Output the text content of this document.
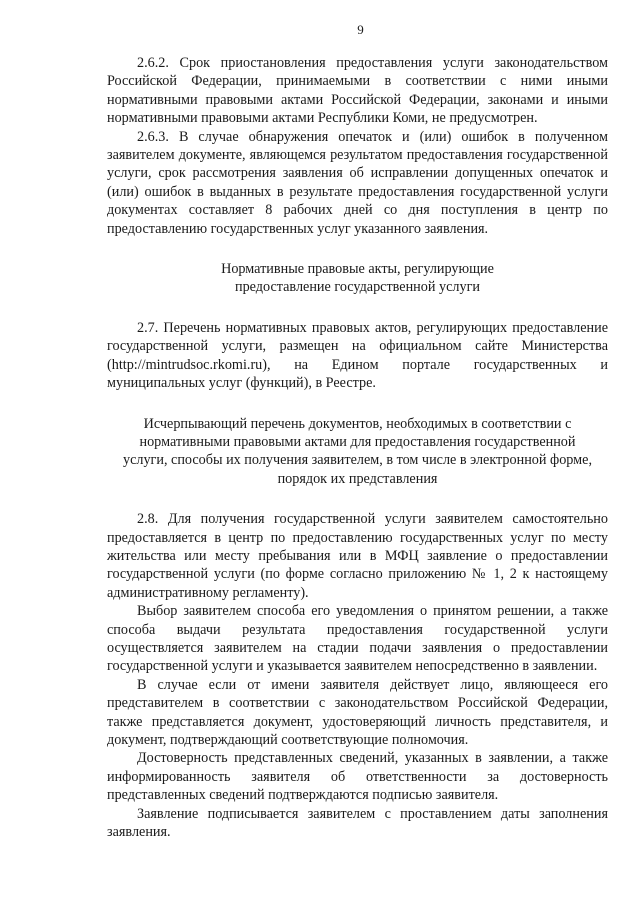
9

2.6.2. Срок приостановления предоставления услуги законодательством Российской Федерации, принимаемыми в соответствии с ними иными нормативными правовыми актами Российской Федерации, законами и иными нормативными правовыми актами Республики Коми, не предусмотрен.

2.6.3. В случае обнаружения опечаток и (или) ошибок в полученном заявителем документе, являющемся результатом предоставления государственной услуги, срок рассмотрения заявления об исправлении допущенных опечаток и (или) ошибок в выданных в результате предоставления государственной услуги документах составляет 8 рабочих дней со дня поступления в центр по предоставлению государственных услуг указанного заявления.

Нормативные правовые акты, регулирующие
предоставление государственной услуги

2.7. Перечень нормативных правовых актов, регулирующих предоставление государственной услуги, размещен на официальном сайте Министерства (http://mintrudsoc.rkomi.ru), на Едином портале государственных и муниципальных услуг (функций), в Реестре.

Исчерпывающий перечень документов, необходимых в соответствии с
нормативными правовыми актами для предоставления государственной
услуги, способы их получения заявителем, в том числе в электронной форме,
порядок их представления

2.8. Для получения государственной услуги заявителем самостоятельно предоставляется в центр по предоставлению государственных услуг по месту жительства или месту пребывания или в МФЦ заявление о предоставлении государственной услуги (по форме согласно приложению № 1, 2 к настоящему административному регламенту).

Выбор заявителем способа его уведомления о принятом решении, а также способа выдачи результата предоставления государственной услуги осуществляется заявителем на стадии подачи заявления о предоставлении государственной услуги и указывается заявителем непосредственно в заявлении.

В случае если от имени заявителя действует лицо, являющееся его представителем в соответствии с законодательством Российской Федерации, также представляется документ, удостоверяющий личность представителя, и документ, подтверждающий соответствующие полномочия.

Достоверность представленных сведений, указанных в заявлении, а также информированность заявителя об ответственности за достоверность представленных сведений подтверждаются подписью заявителя.

Заявление подписывается заявителем с проставлением даты заполнения заявления.
